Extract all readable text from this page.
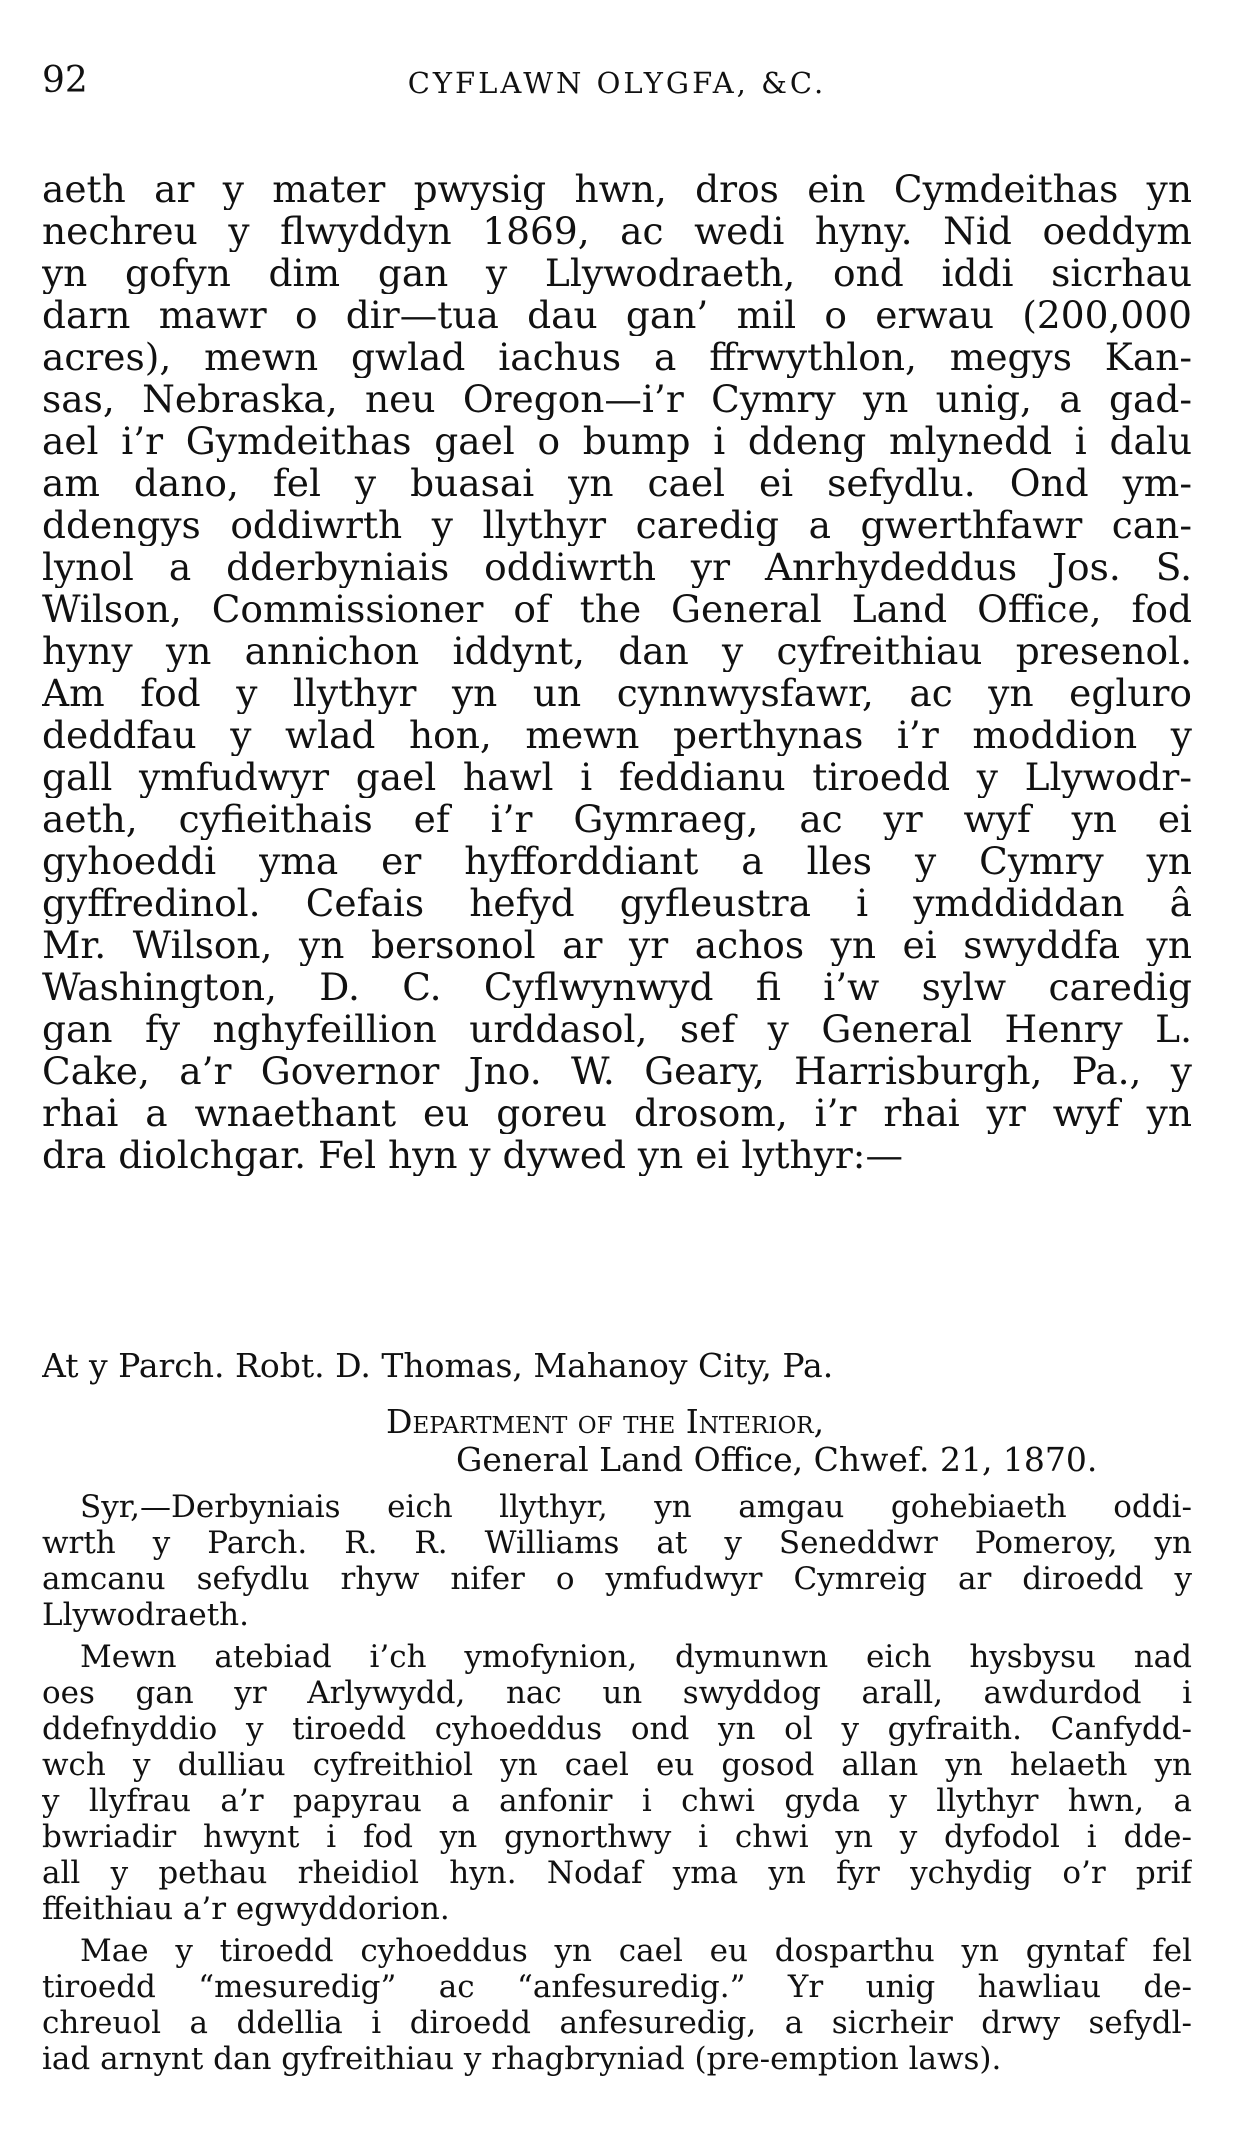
92	CYFLAWN OLYGFA, &C.
aeth ar y mater pwysig hwn, dros ein Cymdeithas yn
nechreu y flwyddyn 1869, ac wedi hyny. Nid oeddym
yn gofyn dim gan y Llywodraeth, ond iddi sicrhau
darn mawr o dir—tua dau gan’ mil o erwau (200,000
acres), mewn gwlad iachus a ffrwythlon, megys Kan-
sas, Nebraska, neu Oregon—i’r Cymry yn unig, a gad-
ael i’r Gymdeithas gael o bump i ddeng mlynedd i dalu
am dano, fel y buasai yn cael ei sefydlu. Ond ym-
ddengys oddiwrth y llythyr caredig a gwerthfawr can-
lynol a dderbyniais oddiwrth yr Anrhydeddus Jos. S.
Wilson, Commissioner of the General Land Office, fod
hyny yn annichon iddynt, dan y cyfreithiau presenol.
Am fod y llythyr yn un cynnwysfawr, ac yn egluro
deddfau y wlad hon, mewn perthynas i’r moddion y
gall ymfudwyr gael hawl i feddianu tiroedd y Llywodr-
aeth, cyfieithais ef i’r Gymraeg, ac yr wyf yn ei
gyhoeddi yma er hyfforddiant a lles y Cymry yn
gyffredinol. Cefais hefyd gyfleustra i ymddiddan â
Mr. Wilson, yn bersonol ar yr achos yn ei swyddfa yn
Washington, D. C. Cyflwynwyd fi i’w sylw caredig
gan fy nghyfeillion urddasol, sef y General Henry L.
Cake, a’r Governor Jno. W. Geary, Harrisburgh, Pa., y
rhai a wnaethant eu goreu drosom, i’r rhai yr wyf yn
dra diolchgar. Fel hyn y dywed yn ei lythyr:—
At y Parch. Robt. D. Thomas, Mahanoy City, Pa.
Department of the Interior,
General Land Office, Chwef. 21, 1870.
Syr,—Derbyniais eich llythyr, yn amgau gohebiaeth oddi-
wrth y Parch. R. R. Williams at y Seneddwr Pomeroy, yn
amcanu sefydlu rhyw nifer o ymfudwyr Cymreig ar diroedd y
Llywodraeth.
Mewn atebiad i’ch ymofynion, dymunwn eich hysbysu nad
oes gan yr Arlywydd, nac un swyddog arall, awdurdod i
ddefnyddio y tiroedd cyhoeddus ond yn ol y gyfraith. Canfydd-
wch y dulliau cyfreithiol yn cael eu gosod allan yn helaeth yn
y llyfrau a’r papyrau a anfonir i chwi gyda y llythyr hwn, a
bwriadir hwynt i fod yn gynorthwy i chwi yn y dyfodol i dde-
all y pethau rheidiol hyn. Nodaf yma yn fyr ychydig o’r prif
ffeithiau a’r egwyddorion.
Mae y tiroedd cyhoeddus yn cael eu dosparthu yn gyntaf fel
tiroedd “mesuredig” ac “anfesuredig.” Yr unig hawliau de-
chreuol a ddellia i diroedd anfesuredig, a sicrheir drwy sefydl-
iad arnynt dan gyfreithiau y rhagbryniad (pre-emption laws).
